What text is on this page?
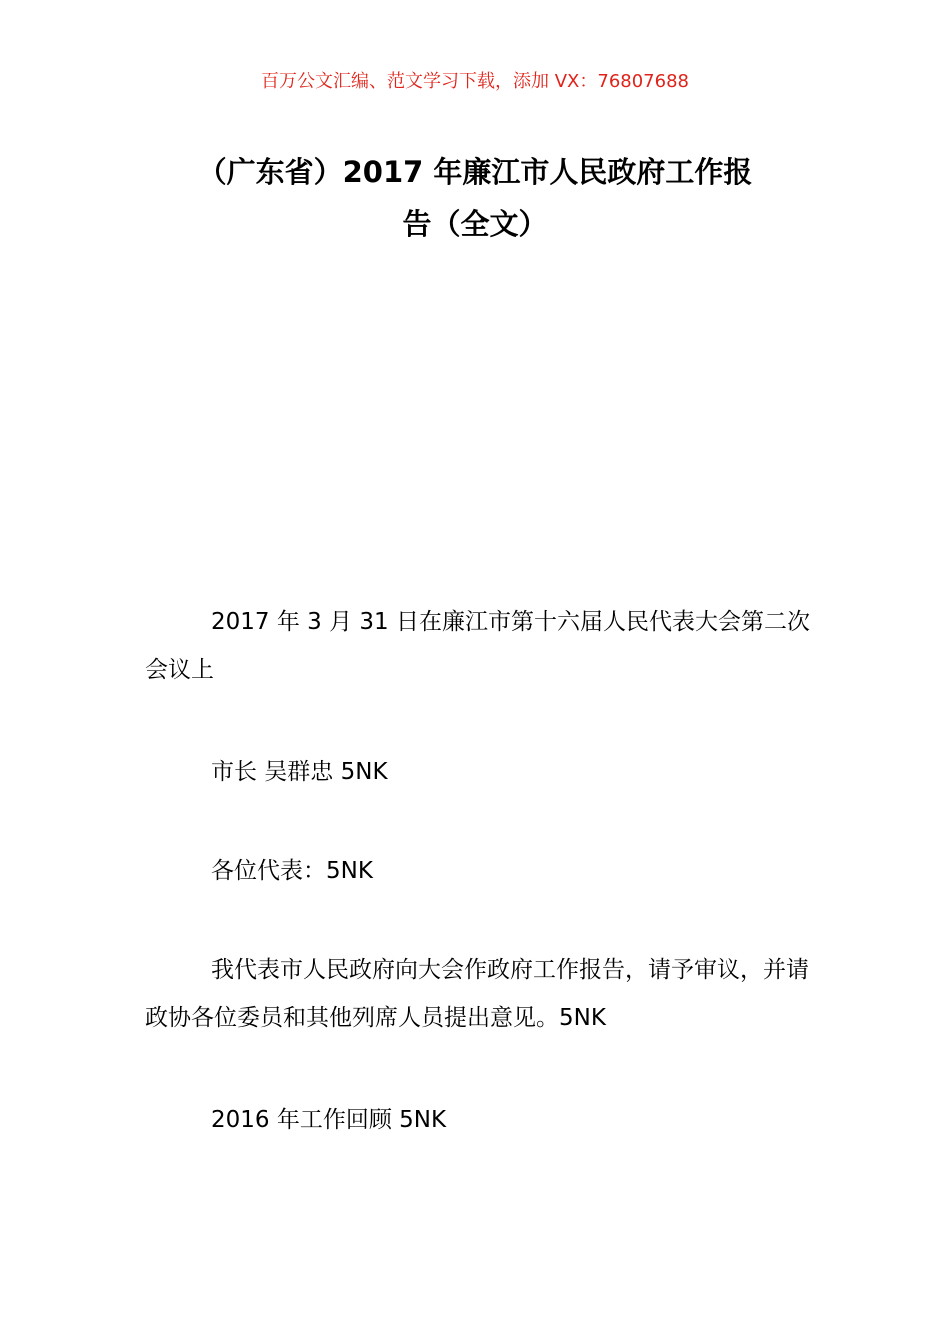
百万公文汇编、范文学习下载，添加 VX：76807688
（广东省）2017 年廉江市人民政府工作报
告（全文）
2017 年 3 月 31 日在廉江市第十六届人民代表大会第二次会议上
市长 吴群忠 5NK
各位代表：5NK
我代表市人民政府向大会作政府工作报告，请予审议，并请政协各位委员和其他列席人员提出意见。5NK
2016 年工作回顾 5NK
